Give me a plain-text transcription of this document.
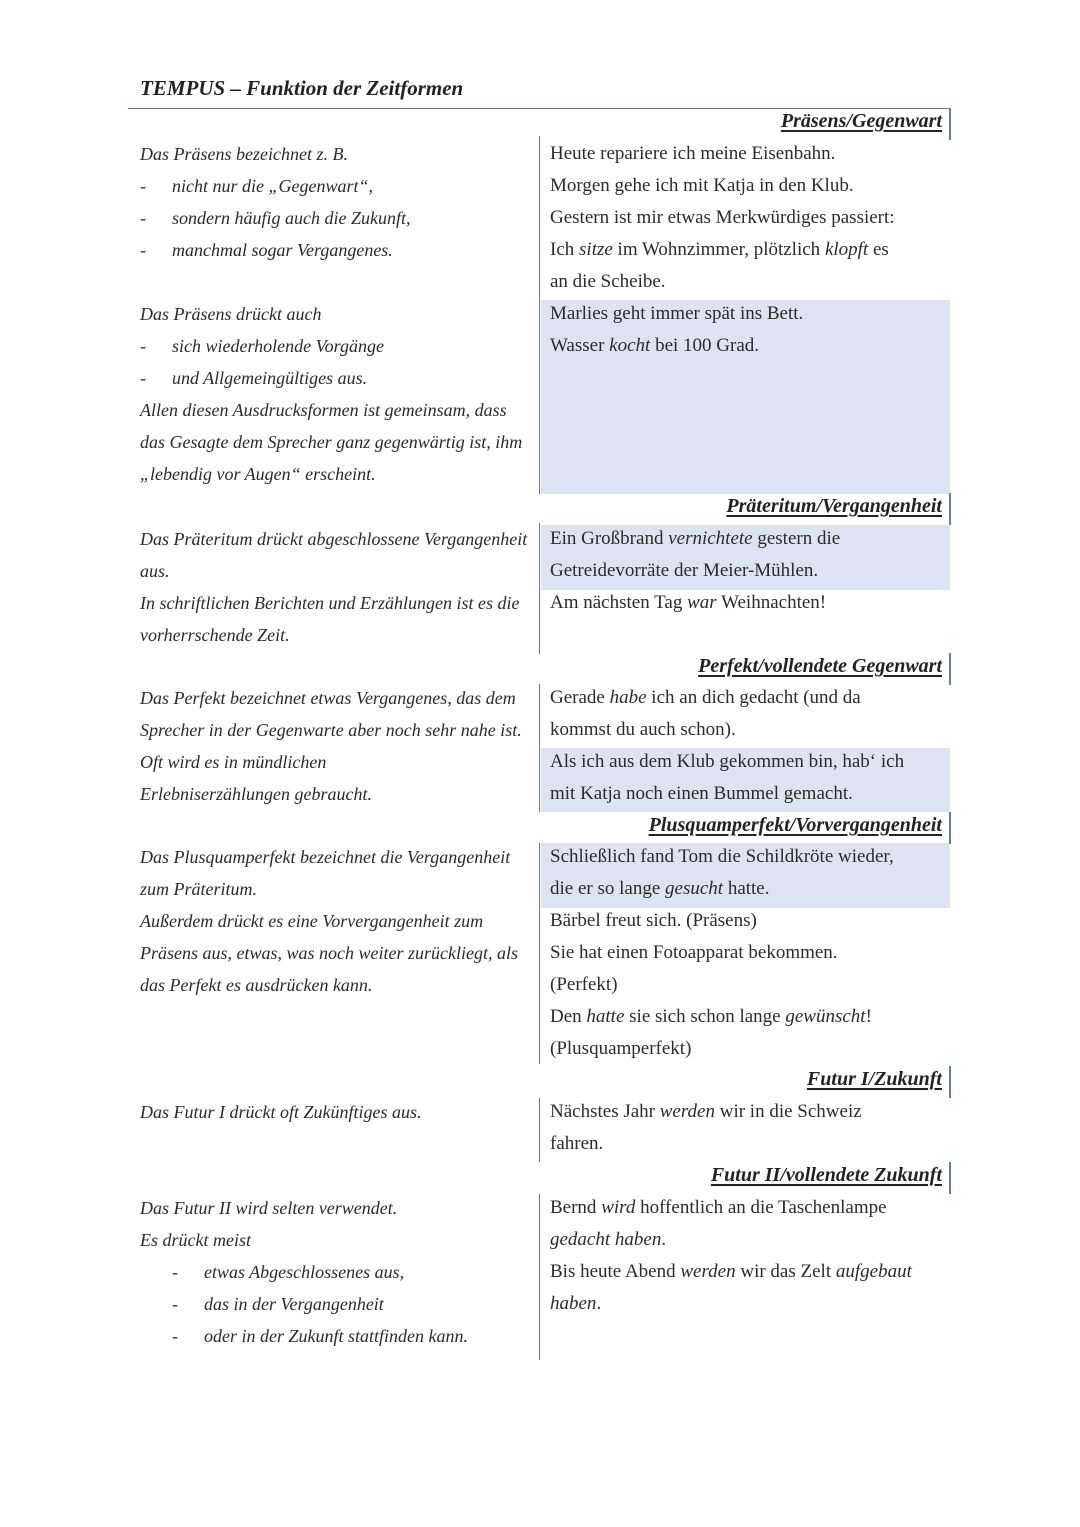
TEMPUS – Funktion der Zeitformen
Präsens/Gegenwart
Das Präsens bezeichnet z. B.
nicht nur die „Gegenwart“,
-
sondern häufig auch die Zukunft,
-
manchmal sogar Vergangenes.
-
Das Präsens drückt auch
sich wiederholende Vorgänge
-
und Allgemeingültiges aus.
-
Allen diesen Ausdrucksformen ist gemeinsam, dass
das Gesagte dem Sprecher ganz gegenwärtig ist, ihm
„lebendig vor Augen“ erscheint.
Heute repariere ich meine Eisenbahn.
Morgen gehe ich mit Katja in den Klub.
Gestern ist mir etwas Merkwürdiges passiert:
Ich sitze im Wohnzimmer, plötzlich klopft es
an die Scheibe.
Marlies geht immer spät ins Bett.
Wasser kocht bei 100 Grad.
Präteritum/Vergangenheit
Das Präteritum drückt abgeschlossene Vergangenheit
aus.
In schriftlichen Berichten und Erzählungen ist es die
vorherrschende Zeit.
Ein Großbrand vernichtete gestern die
Getreidevorräte der Meier-Mühlen.
Am nächsten Tag war Weihnachten!
Perfekt/vollendete Gegenwart
Das Perfekt bezeichnet etwas Vergangenes, das dem
Sprecher in der Gegenwarte aber noch sehr nahe ist.
Oft wird es in mündlichen
Erlebniserzählungen gebraucht.
Gerade habe ich an dich gedacht (und da
kommst du auch schon).
Als ich aus dem Klub gekommen bin, hab‘ ich
mit Katja noch einen Bummel gemacht.
Plusquamperfekt/Vorvergangenheit
Das Plusquamperfekt bezeichnet die Vergangenheit
zum Präteritum.
Außerdem drückt es eine Vorvergangenheit zum
Präsens aus, etwas, was noch weiter zurückliegt, als
das Perfekt es ausdrücken kann.
Schließlich fand Tom die Schildkröte wieder,
die er so lange gesucht hatte.
Bärbel freut sich. (Präsens)
Sie hat einen Fotoapparat bekommen.
(Perfekt)
Den hatte sie sich schon lange gewünscht!
(Plusquamperfekt)
Futur I/Zukunft
Das Futur I drückt oft Zukünftiges aus.	Nächstes Jahr werden wir in die Schweiz
fahren.
Futur II/vollendete Zukunft
Das Futur II wird selten verwendet.
Es drückt meist
etwas Abgeschlossenes aus,
-
das in der Vergangenheit
-
oder in der Zukunft stattfinden kann.
-
Bernd wird hoffentlich an die Taschenlampe
gedacht haben.
Bis heute Abend werden wir das Zelt aufgebaut
haben.
